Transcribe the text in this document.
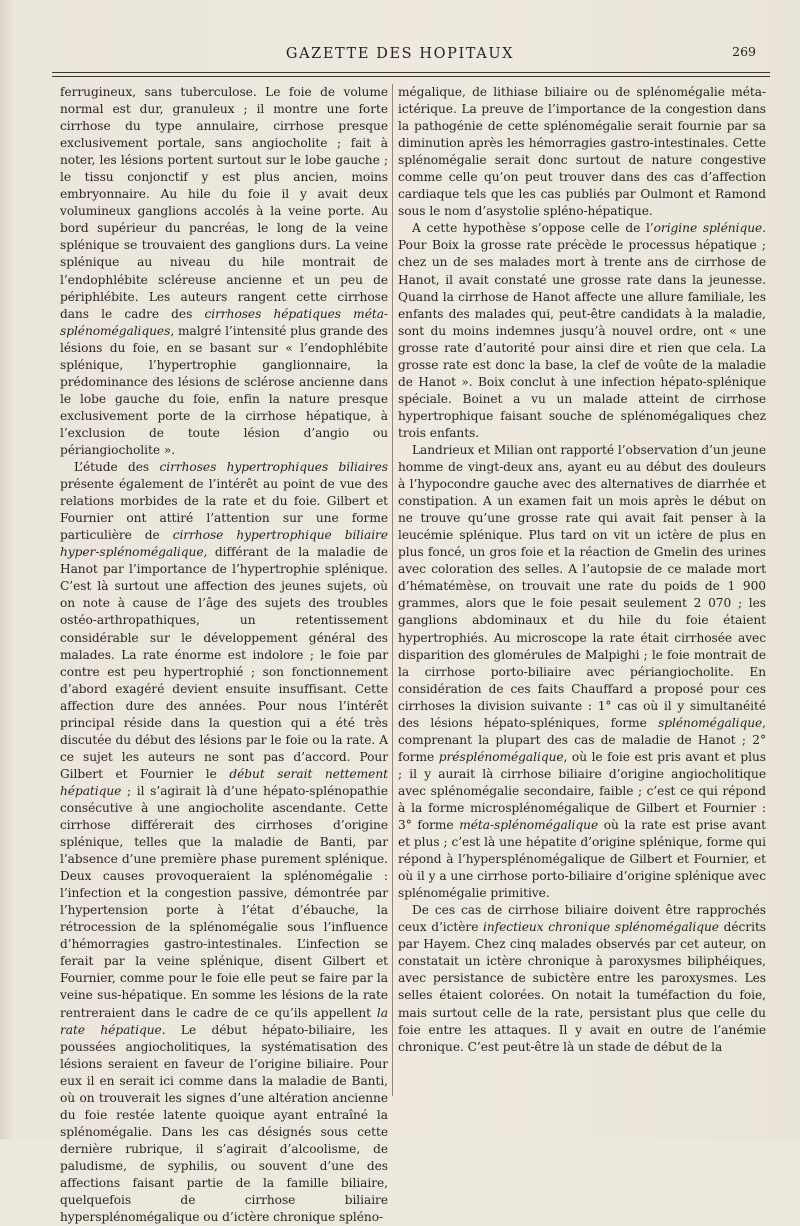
GAZETTE DES HOPITAUX	269

ferrugineux, sans tuberculose. Le foie de volume normal est dur, granuleux ; il montre une forte cirrhose du type annulaire, cirrhose presque exclusivement portale, sans angiocholite ; fait à noter, les lésions portent surtout sur le lobe gauche ; le tissu conjonctif y est plus ancien, moins embryonnaire. Au hile du foie il y avait deux volumineux ganglions accolés à la veine porte. Au bord supérieur du pancréas, le long de la veine splénique se trouvaient des ganglions durs. La veine splénique au niveau du hile montrait de l’endophlébite scléreuse ancienne et un peu de périphlébite. Les auteurs rangent cette cirrhose dans le cadre des cirrhoses hépatiques méta-splénomégaliques, malgré l’intensité plus grande des lésions du foie, en se basant sur « l’endophlébite splénique, l’hypertrophie ganglionnaire, la prédominance des lésions de sclérose ancienne dans le lobe gauche du foie, enfin la nature presque exclusivement porte de la cirrhose hépatique, à l’exclusion de toute lésion d’angio ou périangiocholite ».

L’étude des cirrhoses hypertrophiques biliaires présente également de l’intérêt au point de vue des relations morbides de la rate et du foie. Gilbert et Fournier ont attiré l’attention sur une forme particulière de cirrhose hypertrophique biliaire hyper-splénomégalique, différant de la maladie de Hanot par l’importance de l’hypertrophie splénique. C’est là surtout une affection des jeunes sujets, où on note à cause de l’âge des sujets des troubles ostéo-arthropathiques, un retentissement considérable sur le développement général des malades. La rate énorme est indolore ; le foie par contre est peu hypertrophié ; son fonctionnement d’abord exagéré devient ensuite insuffisant. Cette affection dure des années. Pour nous l’intérêt principal réside dans la question qui a été très discutée du début des lésions par le foie ou la rate. A ce sujet les auteurs ne sont pas d’accord. Pour Gilbert et Fournier le début serait nettement hépatique ; il s’agirait là d’une hépato-splénopathie consécutive à une angiocholite ascendante. Cette cirrhose différerait des cirrhoses d’origine splénique, telles que la maladie de Banti, par l’absence d’une première phase purement splénique. Deux causes provoqueraient la splénomégalie : l’infection et la congestion passive, démontrée par l’hypertension porte à l’état d’ébauche, la rétrocession de la splénomégalie sous l’influence d’hémorragies gastro-intestinales. L’infection se ferait par la veine splénique, disent Gilbert et Fournier, comme pour le foie elle peut se faire par la veine sus-hépatique. En somme les lésions de la rate rentreraient dans le cadre de ce qu’ils appellent la rate hépatique. Le début hépato-biliaire, les poussées angiocholitiques, la systématisation des lésions seraient en faveur de l’origine biliaire. Pour eux il en serait ici comme dans la maladie de Banti, où on trouverait les signes d’une altération ancienne du foie restée latente quoique ayant entraîné la splénomégalie. Dans les cas désignés sous cette dernière rubrique, il s’agirait d’alcoolisme, de paludisme, de syphilis, ou souvent d’une des affections faisant partie de la famille biliaire, quelquefois de cirrhose biliaire hypersplénomégalique ou d’ictère chronique spléno-

mégalique, de lithiase biliaire ou de splénomégalie méta-ictérique. La preuve de l’importance de la congestion dans la pathogénie de cette splénomégalie serait fournie par sa diminution après les hémorragies gastro-intestinales. Cette splénomégalie serait donc surtout de nature congestive comme celle qu’on peut trouver dans des cas d’affection cardiaque tels que les cas publiés par Oulmont et Ramond sous le nom d’asystolie spléno-hépatique.

A cette hypothèse s’oppose celle de l’origine splénique. Pour Boix la grosse rate précède le processus hépatique ; chez un de ses malades mort à trente ans de cirrhose de Hanot, il avait constaté une grosse rate dans la jeunesse. Quand la cirrhose de Hanot affecte une allure familiale, les enfants des malades qui, peut-être candidats à la maladie, sont du moins indemnes jusqu’à nouvel ordre, ont « une grosse rate d’autorité pour ainsi dire et rien que cela. La grosse rate est donc la base, la clef de voûte de la maladie de Hanot ». Boix conclut à une infection hépato-splénique spéciale. Boinet a vu un malade atteint de cirrhose hypertrophique faisant souche de splénomégaliques chez trois enfants.

Landrieux et Milian ont rapporté l’observation d’un jeune homme de vingt-deux ans, ayant eu au début des douleurs à l’hypocondre gauche avec des alternatives de diarrhée et constipation. A un examen fait un mois après le début on ne trouve qu’une grosse rate qui avait fait penser à la leucémie splénique. Plus tard on vit un ictère de plus en plus foncé, un gros foie et la réaction de Gmelin des urines avec coloration des selles. A l’autopsie de ce malade mort d’hématémèse, on trouvait une rate du poids de 1 900 grammes, alors que le foie pesait seulement 2 070 ; les ganglions abdominaux et du hile du foie étaient hypertrophiés. Au microscope la rate était cirrhosée avec disparition des glomérules de Malpighi ; le foie montrait de la cirrhose porto-biliaire avec périangiocholite. En considération de ces faits Chauffard a proposé pour ces cirrhoses la division suivante : 1° cas où il y simultanéité des lésions hépato-spléniques, forme splénomégalique, comprenant la plupart des cas de maladie de Hanot ; 2° forme présplénomégalique, où le foie est pris avant et plus ; il y aurait là cirrhose biliaire d’origine angiocholitique avec splénomégalie secondaire, faible ; c’est ce qui répond à la forme microsplénomégalique de Gilbert et Fournier : 3° forme méta-splénomégalique où la rate est prise avant et plus ; c’est là une hépatite d’origine splénique, forme qui répond à l’hypersplénomégalique de Gilbert et Fournier, et où il y a une cirrhose porto-biliaire d’origine splénique avec splénomégalie primitive.

De ces cas de cirrhose biliaire doivent être rapprochés ceux d’ictère infectieux chronique splénomégalique décrits par Hayem. Chez cinq malades observés par cet auteur, on constatait un ictère chronique à paroxysmes biliphéiques, avec persistance de subictère entre les paroxysmes. Les selles étaient colorées. On notait la tuméfaction du foie, mais surtout celle de la rate, persistant plus que celle du foie entre les attaques. Il y avait en outre de l’anémie chronique. C’est peut-être là un stade de début de la
